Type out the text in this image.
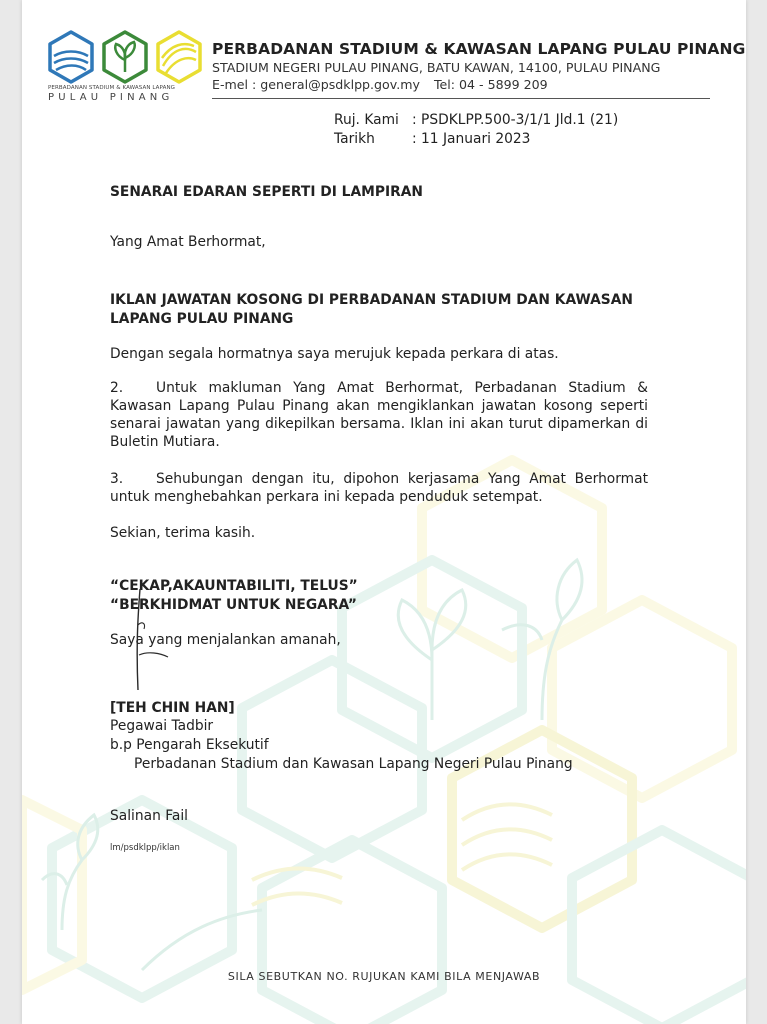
PERBADANAN STADIUM & KAWASAN LAPANG
PULAU PINANG
PERBADANAN STADIUM & KAWASAN LAPANG PULAU PINANG
STADIUM NEGERI PULAU PINANG, BATU KAWAN, 14100, PULAU PINANG
E-mel : general@psdklpp.gov.my Tel: 04 - 5899 209
Ruj. Kami : PSDKLPP.500-3/1/1 Jld.1 (21)
Tarikh	: 11 Januari 2023
SENARAI EDARAN SEPERTI DI LAMPIRAN
Yang Amat Berhormat,
IKLAN JAWATAN KOSONG DI PERBADANAN STADIUM DAN KAWASAN
LAPANG PULAU PINANG
Dengan segala hormatnya saya merujuk kepada perkara di atas.
2. Untuk makluman Yang Amat Berhormat, Perbadanan Stadium & Kawasan Lapang Pulau Pinang akan mengiklankan jawatan kosong seperti senarai jawatan yang dikepilkan bersama. Iklan ini akan turut dipamerkan di Buletin Mutiara.
3. Sehubungan dengan itu, dipohon kerjasama Yang Amat Berhormat untuk menghebahkan perkara ini kepada penduduk setempat.
Sekian, terima kasih.
“CEKAP,AKAUNTABILITI, TELUS”
“BERKHIDMAT UNTUK NEGARA”
Saya yang menjalankan amanah,
[TEH CHIN HAN]
Pegawai Tadbir
b.p Pengarah Eksekutif
Perbadanan Stadium dan Kawasan Lapang Negeri Pulau Pinang
Salinan Fail
lm/psdklpp/iklan
SILA SEBUTKAN NO. RUJUKAN KAMI BILA MENJAWAB
